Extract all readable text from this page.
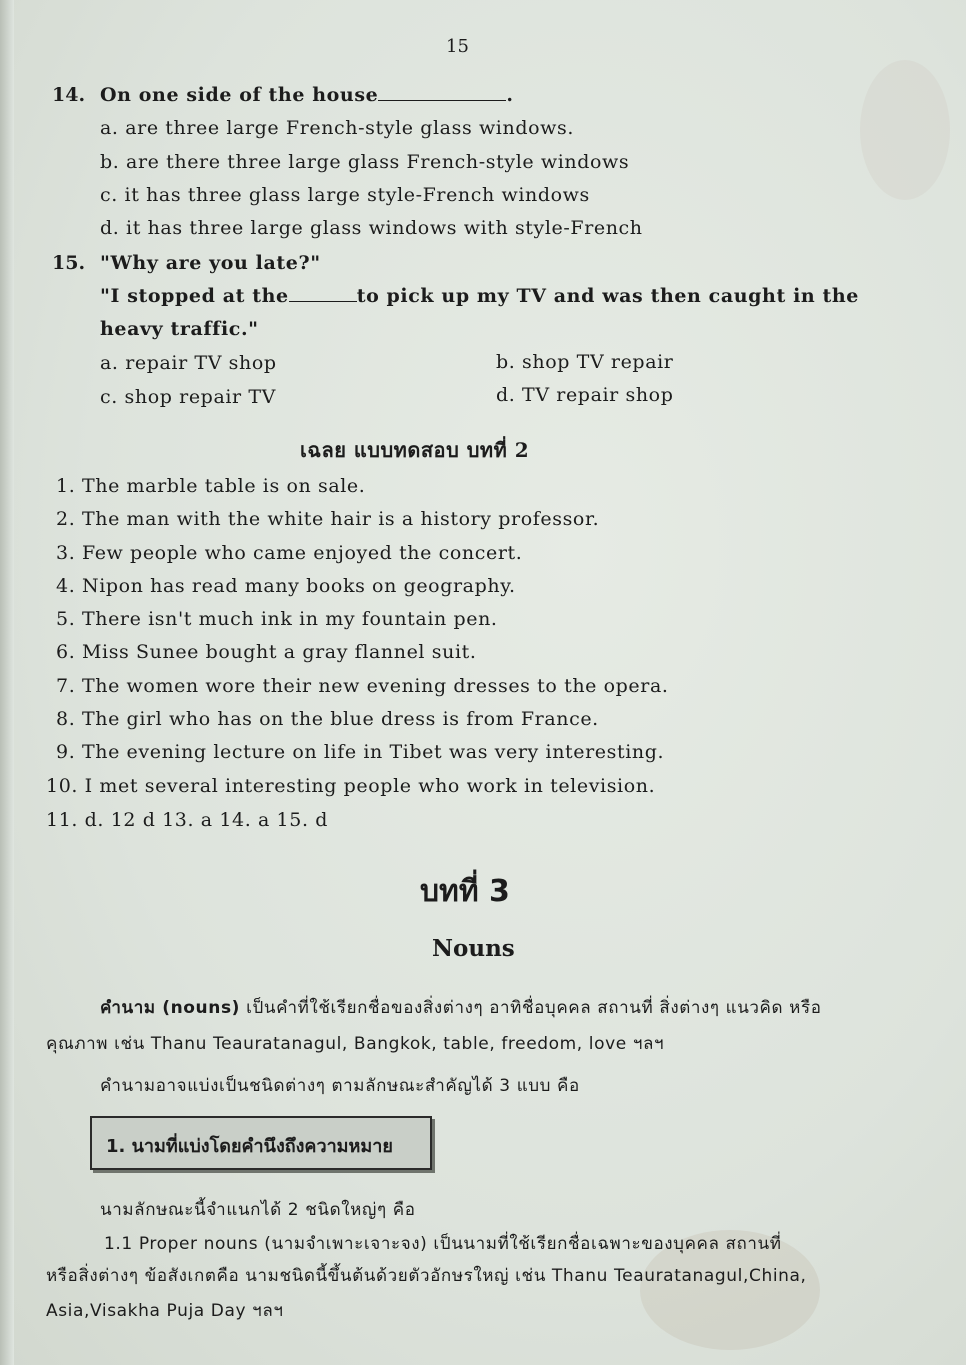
15
14. On one side of the house	.
a. are three large French-style glass windows.
b. are there three large glass French-style windows
c. it has three glass large style-French windows
d. it has three large glass windows with style-French
15. "Why are you late?"
"I stopped at the	to pick up my TV and was then caught in the
heavy traffic."
a. repair TV shop	b. shop TV repair
c. shop repair TV	d. TV repair shop
เฉลย แบบทดสอบ บทที่ 2
1. The marble table is on sale.
2. The man with the white hair is a history professor.
3. Few people who came enjoyed the concert.
4. Nipon has read many books on geography.
5. There isn't much ink in my fountain pen.
6. Miss Sunee bought a gray flannel suit.
7. The women wore their new evening dresses to the opera.
8. The girl who has on the blue dress is from France.
9. The evening lecture on life in Tibet was very interesting.
10. I met several interesting people who work in television.
11. d. 12 d 13. a 14. a 15. d
บทที่ 3
Nouns
คำนาม (nouns) เป็นคำที่ใช้เรียกชื่อของสิ่งต่างๆ อาทิชื่อบุคคล สถานที่ สิ่งต่างๆ แนวคิด หรือ
คุณภาพ เช่น Thanu Teauratanagul, Bangkok, table, freedom, love ฯลฯ
คำนามอาจแบ่งเป็นชนิดต่างๆ ตามลักษณะสำคัญได้ 3 แบบ คือ
1. นามที่แบ่งโดยคำนึงถึงความหมาย
นามลักษณะนี้จำแนกได้ 2 ชนิดใหญ่ๆ คือ
1.1 Proper nouns (นามจำเพาะเจาะจง) เป็นนามที่ใช้เรียกชื่อเฉพาะของบุคคล สถานที่
หรือสิ่งต่างๆ ข้อสังเกตคือ นามชนิดนี้ขึ้นต้นด้วยตัวอักษรใหญ่ เช่น Thanu Teauratanagul,China,
Asia,Visakha Puja Day ฯลฯ
